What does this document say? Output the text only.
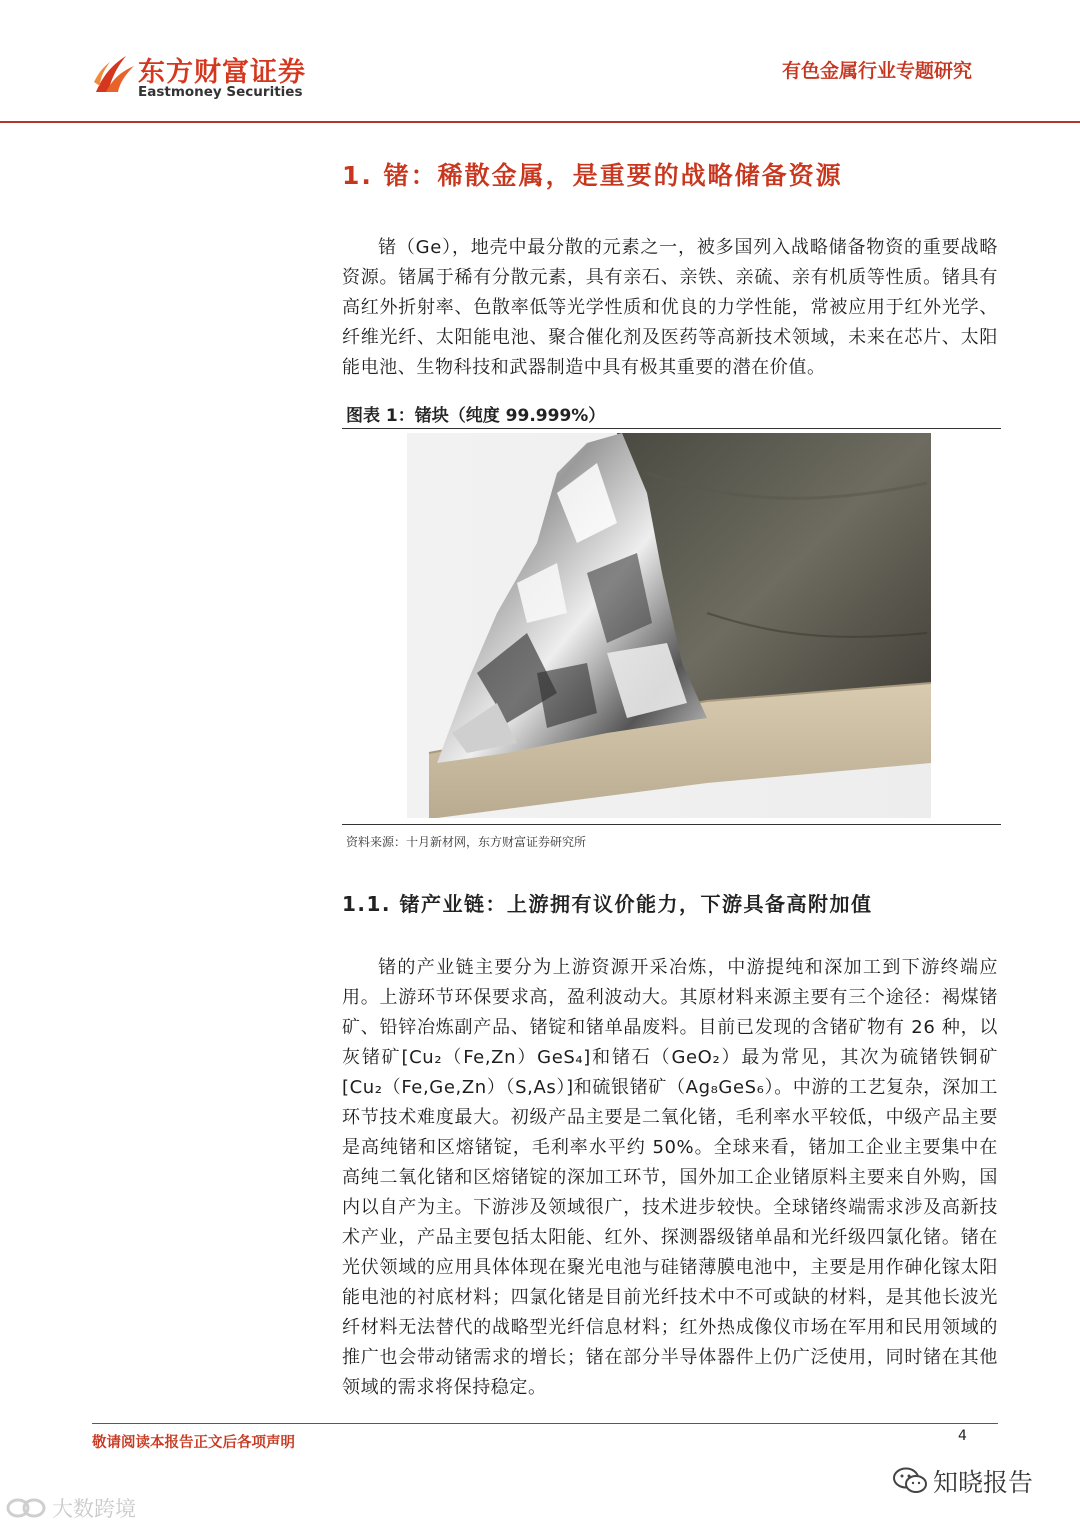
东方财富证券
Eastmoney Securities
有色金属行业专题研究
1. 锗：稀散金属，是重要的战略储备资源

锗（Ge），地壳中最分散的元素之一，被多国列入战略储备物资的重要战略资源。锗属于稀有分散元素，具有亲石、亲铁、亲硫、亲有机质等性质。锗具有高红外折射率、色散率低等光学性质和优良的力学性能，常被应用于红外光学、纤维光纤、太阳能电池、聚合催化剂及医药等高新技术领域，未来在芯片、太阳能电池、生物科技和武器制造中具有极其重要的潜在价值。

图表 1：锗块（纯度 99.999%）
资料来源：十月新材网，东方财富证券研究所
1.1. 锗产业链：上游拥有议价能力，下游具备高附加值

锗的产业链主要分为上游资源开采冶炼，中游提纯和深加工到下游终端应用。上游环节环保要求高，盈利波动大。其原材料来源主要有三个途径：褐煤锗矿、铅锌冶炼副产品、锗锭和锗单晶废料。目前已发现的含锗矿物有 26 种，以灰锗矿[Cu₂（Fe,Zn）GeS₄]和锗石（GeO₂）最为常见，其次为硫锗铁铜矿[Cu₂（Fe,Ge,Zn）（S,As）]和硫银锗矿（Ag₈GeS₆）。中游的工艺复杂，深加工环节技术难度最大。初级产品主要是二氧化锗，毛利率水平较低，中级产品主要是高纯锗和区熔锗锭，毛利率水平约 50%。全球来看，锗加工企业主要集中在高纯二氧化锗和区熔锗锭的深加工环节，国外加工企业锗原料主要来自外购，国内以自产为主。下游涉及领域很广，技术进步较快。全球锗终端需求涉及高新技术产业，产品主要包括太阳能、红外、探测器级锗单晶和光纤级四氯化锗。锗在光伏领域的应用具体体现在聚光电池与硅锗薄膜电池中，主要是用作砷化镓太阳能电池的衬底材料；四氯化锗是目前光纤技术中不可或缺的材料，是其他长波光纤材料无法替代的战略型光纤信息材料；红外热成像仪市场在军用和民用领域的推广也会带动锗需求的增长；锗在部分半导体器件上仍广泛使用，同时锗在其他领域的需求将保持稳定。

敬请阅读本报告正文后各项声明	4
知晓报告
大数跨境
